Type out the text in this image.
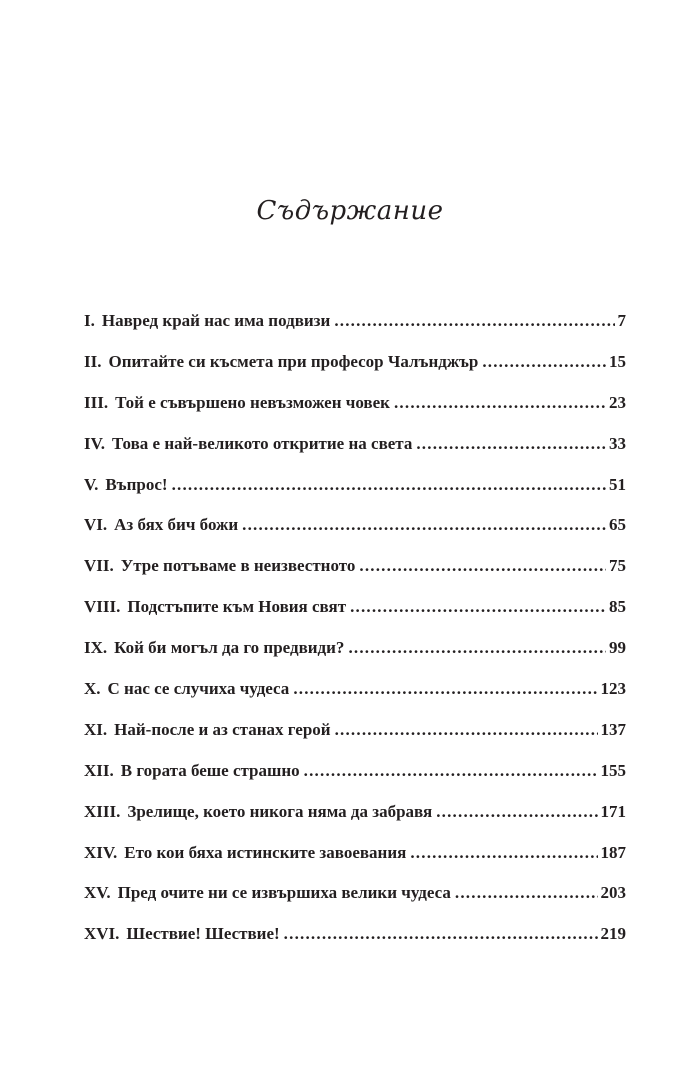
Съдържание
I. Навред край нас има подвизи .....	7
II. Опитайте си късмета при професор Чалънджър .....	15
III. Той е съвършено невъзможен човек .....	23
IV. Това е най-великото откритие на света .....	33
V. Въпрос! .....	51
VI. Аз бях бич божи .....	65
VII. Утре потъваме в неизвестното .....	75
VIII. Подстъпите към Новия свят .....	85
IX. Кой би могъл да го предвиди? .....	99
X. С нас се случиха чудеса .....	123
XI. Най-после и аз станах герой .....	137
XII. В гората беше страшно .....	155
XIII. Зрелище, което никога няма да забравя .....	171
XIV. Ето кои бяха истинските завоевания .....	187
XV. Пред очите ни се извършиха велики чудеса .....	203
XVI. Шествие! Шествие! .....	219
